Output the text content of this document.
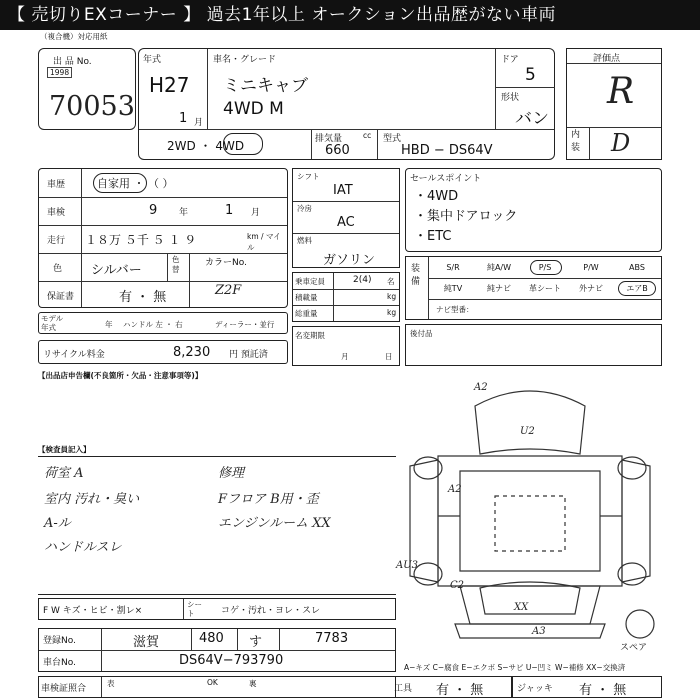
【 売切りEXコーナー 】 過去1年以上 オークション出品歴がない車両
（複合機）対応用紙
出 品 No.
1998
70053
年式
H27
1 月
車名・グレード
ミニキャブ
4WD M
ドア
5
形状
バン
2WD ・ 4WD	排気量	cc
660
型式
HBD − DS64V
評価点
R
内装 D
車歴	自家用 ・ （ ）
車検	9 年	1 月
走行 １８万 ５千 ５ １ ９	km / マイル
色 シルバー
色替
カラーNo.
保証書	有 ・ 無	Z2F
モデル年式	年 ハンドル 左 ・ 右	ディーラー・並行
リサイクル料金	8,230 円 預託済
シフト
IAT
冷房
AC
燃料
ガソリン
乗車定員	2(4) 名
積載量	kg
総重量	kg
名変期限
月	日
セールスポイント
・4WD
・集中ドアロック
・ETC
装備
S/R	純A/W	P/S	P/W	ABS
純TV	純ナビ	革シート	外ナビ	エアB
ナビ型番：
後付品
【出品店申告欄(不良箇所・欠品・注意事項等)】
【検査員記入】
荷室 A
室内 汚れ・臭い
A-ル
ハンドルスレ
修理
Fフロア B用・歪
エンジンルーム XX
F W キズ・ヒビ・割レ×
シート	コゲ・汚れ・ヨレ・スレ
登録No.	滋賀	480 す	7783
車台No.	DS64V−793790
車検証照合
表	裏
OK
A−キズ C−腐食 E−エクボ S−サビ U−凹ミ W−補修 XX−交換済
工具 有 ・ 無	ジャッキ 有 ・ 無
A2
U2
A2
AU3
C2
XX
A3
スペア
